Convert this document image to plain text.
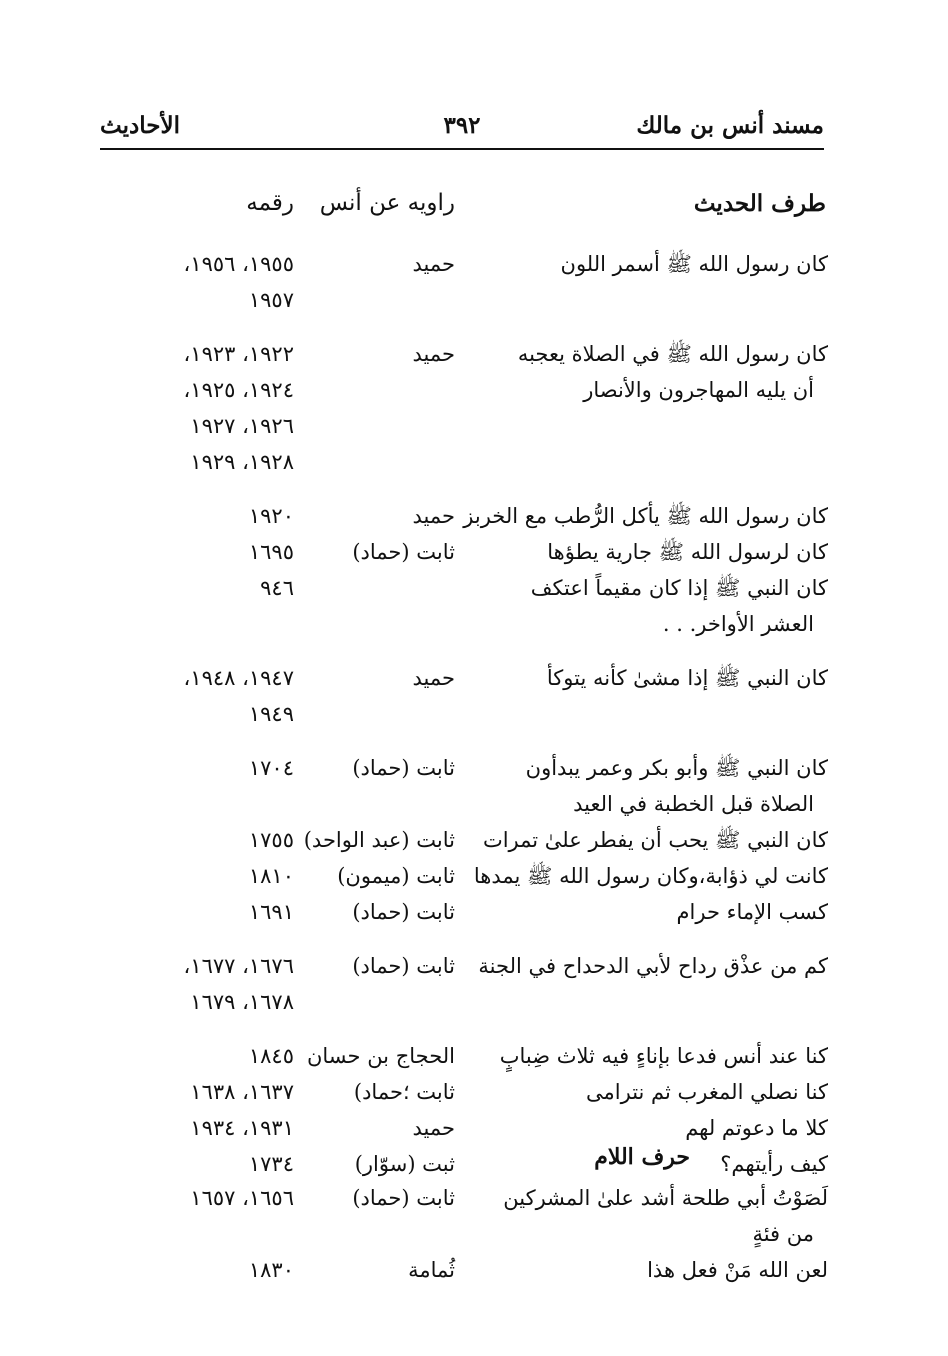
مسند أنس بن مالك
٣٩٢
الأحاديث
طرف الحديث
راويه عن أنس
رقمه
كان رسول الله ﷺ أسمر اللون
حميد
١٩٥٥، ١٩٥٦،
١٩٥٧
كان رسول الله ﷺ في الصلاة يعجبه
حميد
١٩٢٢، ١٩٢٣،
أن يليه المهاجرون والأنصار
١٩٢٤، ١٩٢٥،
١٩٢٦، ١٩٢٧
١٩٢٨، ١٩٢٩
كان رسول الله ﷺ يأكل الرُّطب مع الخربز
حميد
١٩٢٠
كان لرسول الله ﷺ جارية يطؤها
ثابت (حماد)
١٦٩٥
كان النبي ﷺ إذا كان مقيماً اعتكف
٩٤٦
العشر الأواخر. . .
كان النبي ﷺ إذا مشىٰ كأنه يتوكأ
حميد
١٩٤٧، ١٩٤٨،
١٩٤٩
كان النبي ﷺ وأبو بكر وعمر يبدأون
ثابت (حماد)
١٧٠٤
الصلاة قبل الخطبة في العيد
كان النبي ﷺ يحب أن يفطر علىٰ تمرات
ثابت (عبد الواحد)
١٧٥٥
كانت لي ذؤابة،وكان رسول الله ﷺ يمدها
ثابت (ميمون)
١٨١٠
كسب الإماء حرام
ثابت (حماد)
١٦٩١
كم من عذْق رداح لأبي الدحداح في الجنة
ثابت (حماد)
١٦٧٦، ١٦٧٧،
١٦٧٨، ١٦٧٩
كنا عند أنس فدعا بإناءٍ فيه ثلاث ضِبابٍ
الحجاج بن حسان
١٨٤٥
كنا نصلي المغرب ثم نترامى
ثابت ؛حماد)
١٦٣٧، ١٦٣٨
كلا ما دعوتم لهم
حميد
١٩٣١، ١٩٣٤
كيف رأيتهم؟
ثبت (سوّار)
١٧٣٤	حرف اللام
لَصَوْتُ أبي طلحة أشد علىٰ المشركين
ثابت (حماد)
١٦٥٦، ١٦٥٧
من فئةٍ
لعن الله مَنْ فعل هذا
ثُمامة
١٨٣٠
